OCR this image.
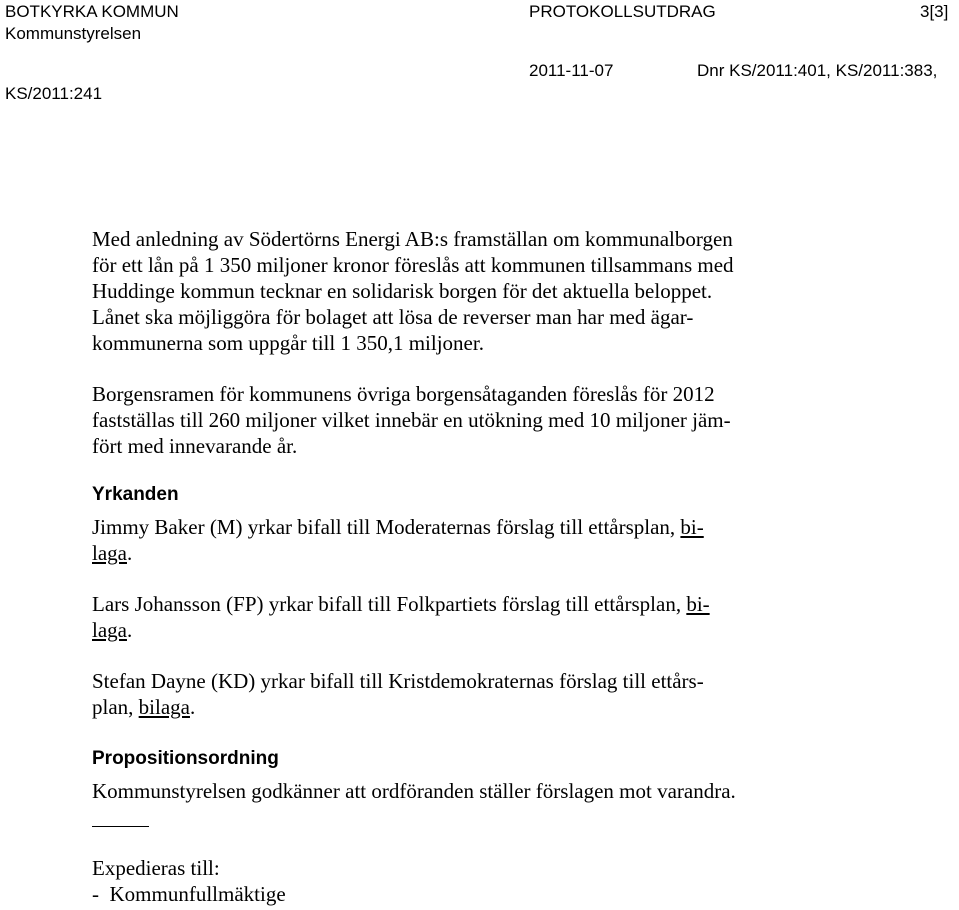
BOTKYRKA KOMMUN	PROTOKOLLSUTDRAG	3[3]
Kommunstyrelsen
2011-11-07	Dnr KS/2011:401, KS/2011:383,
KS/2011:241

Med anledning av Södertörns Energi AB:s framställan om kommunalborgen

för ett lån på 1 350 miljoner kronor föreslås att kommunen tillsammans med

Huddinge kommun tecknar en solidarisk borgen för det aktuella beloppet.

Lånet ska möjliggöra för bolaget att lösa de reverser man har med ägar-

kommunerna som uppgår till 1 350,1 miljoner.

Borgensramen för kommunens övriga borgensåtaganden föreslås för 2012

fastställas till 260 miljoner vilket innebär en utökning med 10 miljoner jäm-

fört med innevarande år.

Yrkanden

Jimmy Baker (M) yrkar bifall till Moderaternas förslag till ettårsplan, bi-

laga.

Lars Johansson (FP) yrkar bifall till Folkpartiets förslag till ettårsplan, bi-

laga.

Stefan Dayne (KD) yrkar bifall till Kristdemokraternas förslag till ettårs-

plan, bilaga.

Propositionsordning

Kommunstyrelsen godkänner att ordföranden ställer förslagen mot varandra.

Expedieras till:

-  Kommunfullmäktige
